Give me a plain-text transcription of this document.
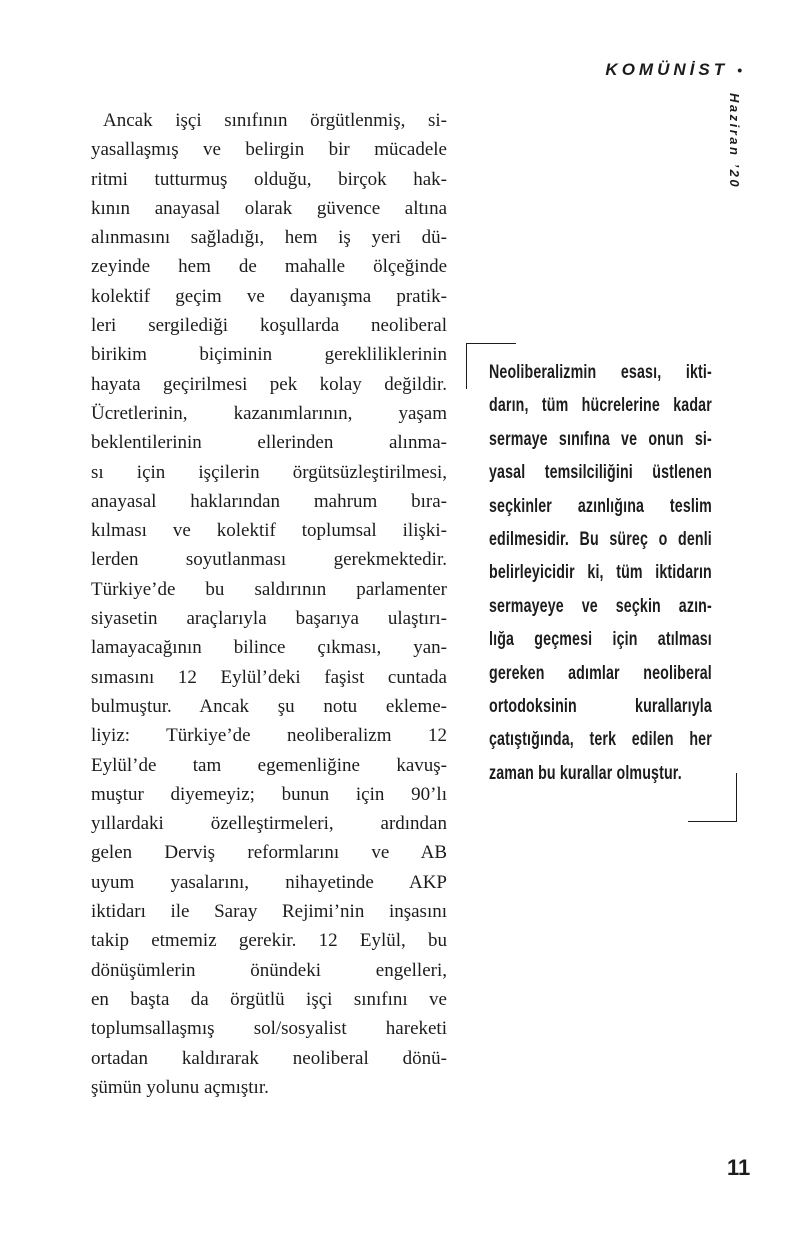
KOMÜNİST •
Haziran ’20
Ancak işçi sınıfının örgütlenmiş, si-
yasallaşmış ve belirgin bir mücadele
ritmi tutturmuş olduğu, birçok hak-
kının anayasal olarak güvence altına
alınmasını sağladığı, hem iş yeri dü-
zeyinde hem de mahalle ölçeğinde
kolektif geçim ve dayanışma pratik-
leri sergilediği koşullarda neoliberal
birikim biçiminin gerekliliklerinin
hayata geçirilmesi pek kolay değildir.
Ücretlerinin, kazanımlarının, yaşam
beklentilerinin ellerinden alınma-
sı için işçilerin örgütsüzleştirilmesi,
anayasal haklarından mahrum bıra-
kılması ve kolektif toplumsal ilişki-
lerden soyutlanması gerekmektedir.
Türkiye’de bu saldırının parlamenter
siyasetin araçlarıyla başarıya ulaştırı-
lamayacağının bilince çıkması, yan-
sımasını 12 Eylül’deki faşist cuntada
bulmuştur. Ancak şu notu ekleme-
liyiz: Türkiye’de neoliberalizm 12
Eylül’de tam egemenliğine kavuş-
muştur diyemeyiz; bunun için 90’lı
yıllardaki özelleştirmeleri, ardından
gelen Derviş reformlarını ve AB
uyum yasalarını, nihayetinde AKP
iktidarı ile Saray Rejimi’nin inşasını
takip etmemiz gerekir. 12 Eylül, bu
dönüşümlerin önündeki engelleri,
en başta da örgütlü işçi sınıfını ve
toplumsallaşmış sol/sosyalist hareketi
ortadan kaldırarak neoliberal dönü-
şümün yolunu açmıştır.
Neoliberalizmin esası, ikti-
darın, tüm hücrelerine kadar
sermaye sınıfına ve onun si-
yasal temsilciliğini üstlenen
seçkinler azınlığına teslim
edilmesidir. Bu süreç o denli
belirleyicidir ki, tüm iktidarın
sermayeye ve seçkin azın-
lığa geçmesi için atılması
gereken adımlar neoliberal
ortodoksinin kurallarıyla
çatıştığında, terk edilen her
zaman bu kurallar olmuştur.
11
